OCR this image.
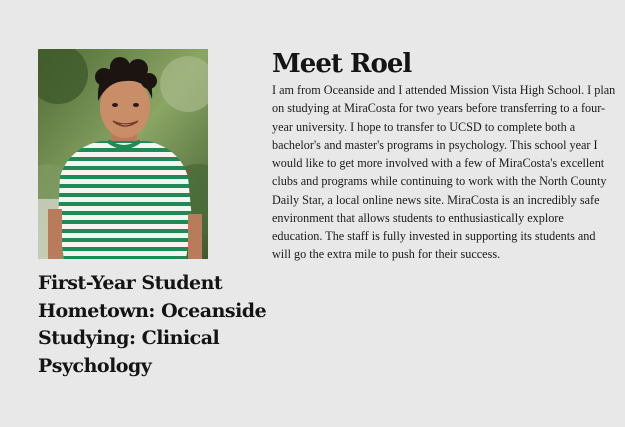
First-Year Student
Hometown: Oceanside
Studying: Clinical
Psychology
Meet Roel

I am from Oceanside and I attended Mission Vista High School. I plan on studying at MiraCosta for two years before transferring to a four-year university. I hope to transfer to UCSD to complete both a bachelor's and master's programs in psychology. This school year I would like to get more involved with a few of MiraCosta's excellent clubs and programs while continuing to work with the North County Daily Star, a local online news site. MiraCosta is an incredibly safe environment that allows students to enthusiastically explore education. The staff is fully invested in supporting its students and will go the extra mile to push for their success.
